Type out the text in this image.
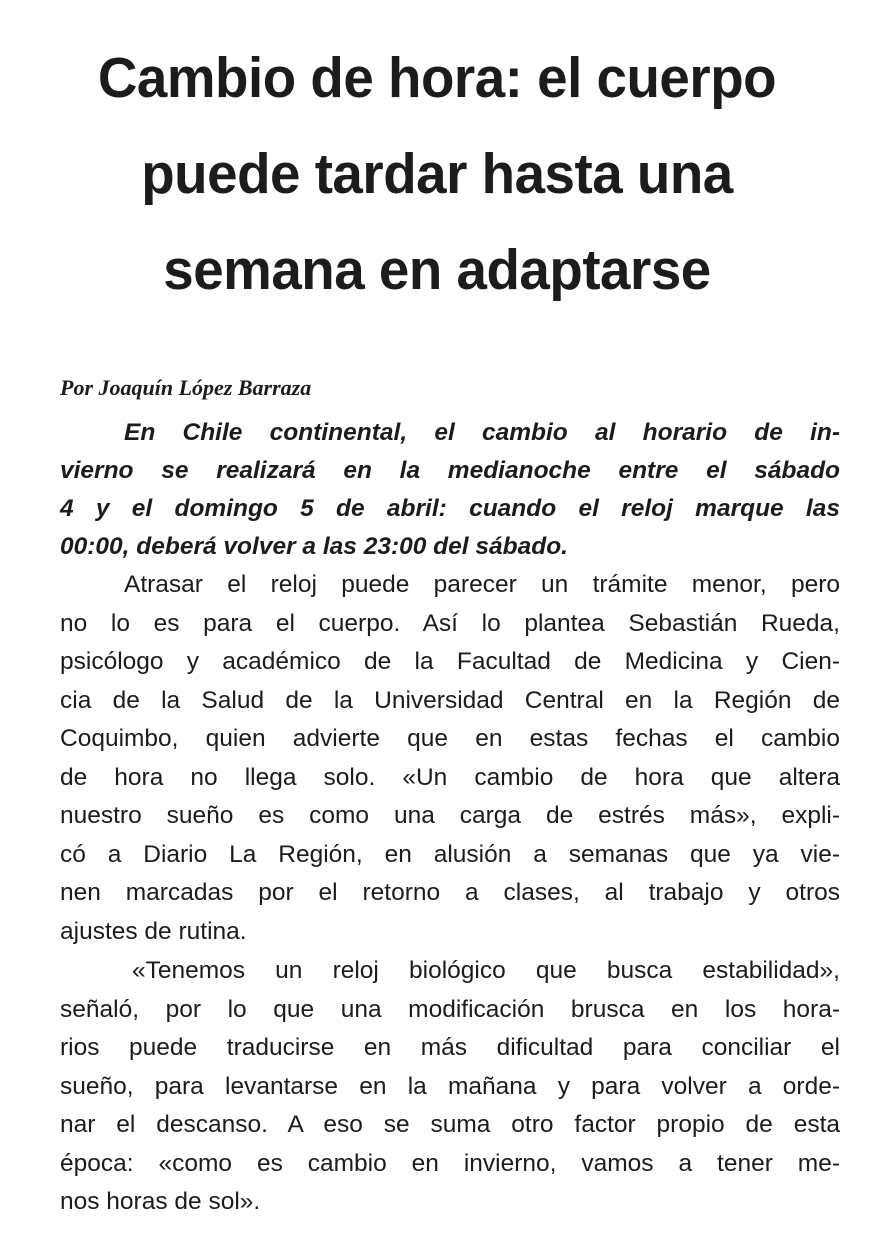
Cambio de hora: el cuerpo
puede tardar hasta una
semana en adaptarse
Por Joaquín López Barraza

En Chile continental, el cambio al horario de in-
vierno se realizará en la medianoche entre el sábado
4 y el domingo 5 de abril: cuando el reloj marque las
00:00, deberá volver a las 23:00 del sábado.

Atrasar el reloj puede parecer un trámite menor, pero
no lo es para el cuerpo. Así lo plantea Sebastián Rueda,
psicólogo y académico de la Facultad de Medicina y Cien-
cia de la Salud de la Universidad Central en la Región de
Coquimbo, quien advierte que en estas fechas el cambio
de hora no llega solo. «Un cambio de hora que altera
nuestro sueño es como una carga de estrés más», expli-
có a Diario La Región, en alusión a semanas que ya vie-
nen marcadas por el retorno a clases, al trabajo y otros
ajustes de rutina.

«Tenemos un reloj biológico que busca estabilidad»,
señaló, por lo que una modificación brusca en los hora-
rios puede traducirse en más dificultad para conciliar el
sueño, para levantarse en la mañana y para volver a orde-
nar el descanso. A eso se suma otro factor propio de esta
época: «como es cambio en invierno, vamos a tener me-
nos horas de sol».
